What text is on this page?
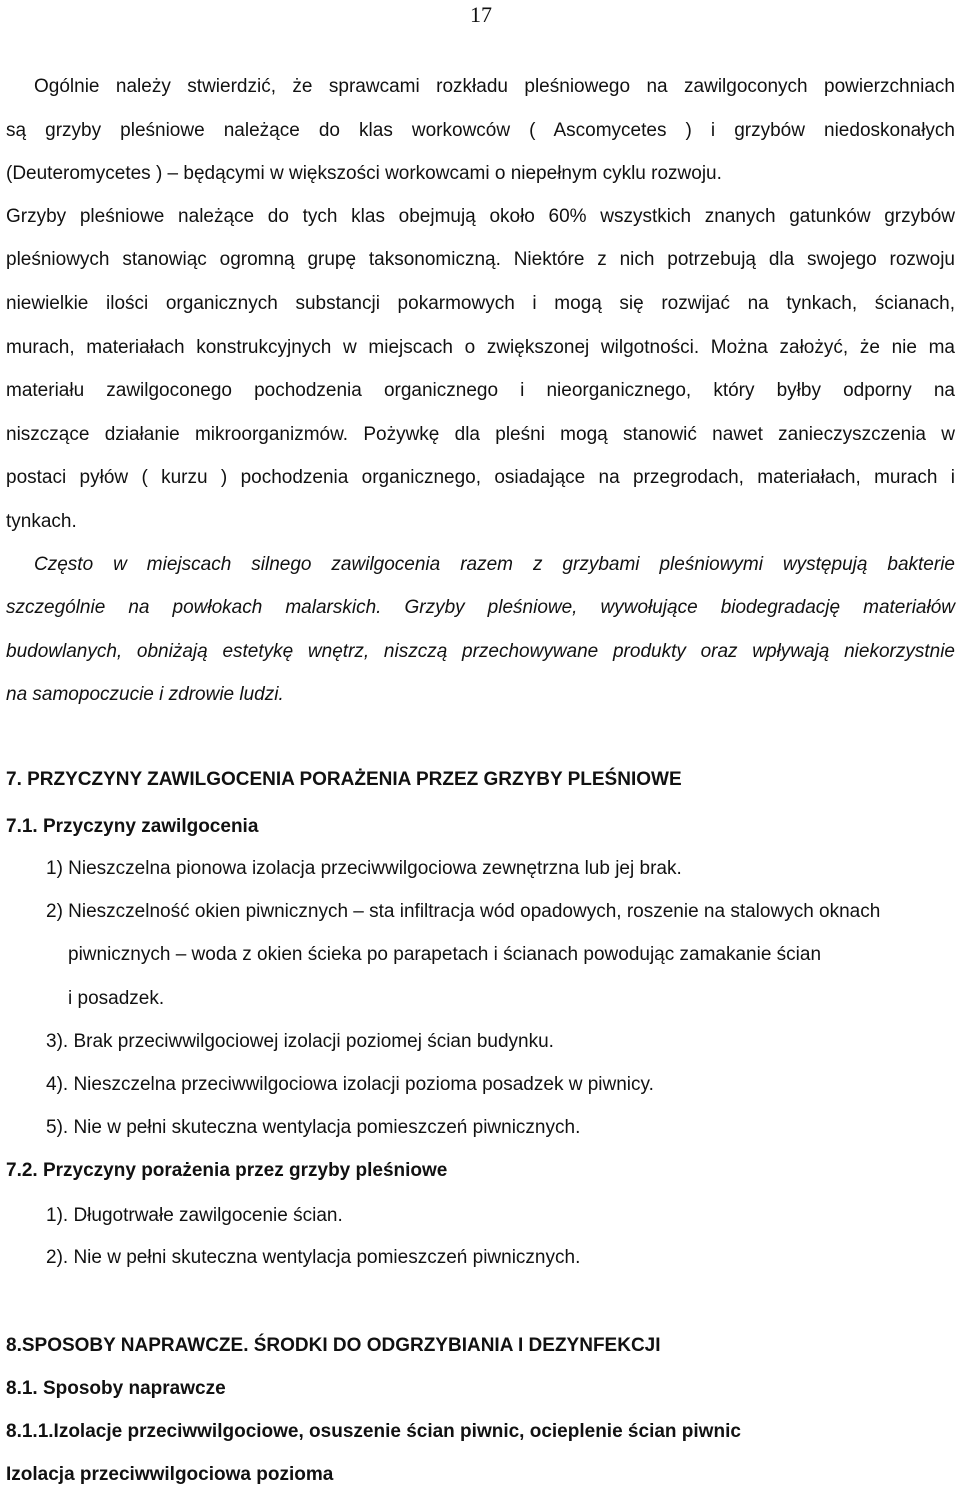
17
Ogólnie należy stwierdzić, że sprawcami rozkładu pleśniowego na zawilgoconych powierzchniach
są grzyby pleśniowe należące do klas workowców ( Ascomycetes ) i grzybów niedoskonałych
(Deuteromycetes ) – będącymi w większości workowcami o niepełnym cyklu rozwoju.
Grzyby pleśniowe należące do tych klas obejmują około 60% wszystkich znanych gatunków grzybów
pleśniowych stanowiąc ogromną grupę taksonomiczną. Niektóre z nich potrzebują dla swojego rozwoju
niewielkie ilości organicznych substancji pokarmowych i mogą się rozwijać na tynkach, ścianach,
murach, materiałach konstrukcyjnych w miejscach o zwiększonej wilgotności. Można założyć, że nie ma
materiału zawilgoconego pochodzenia organicznego i nieorganicznego, który byłby odporny na
niszczące działanie mikroorganizmów. Pożywkę dla pleśni mogą stanowić nawet zanieczyszczenia w
postaci pyłów ( kurzu ) pochodzenia organicznego, osiadające na przegrodach, materiałach, murach i
tynkach.
Często w miejscach silnego zawilgocenia razem z grzybami pleśniowymi występują bakterie
szczególnie na powłokach malarskich. Grzyby pleśniowe, wywołujące biodegradację materiałów
budowlanych, obniżają estetykę wnętrz, niszczą przechowywane produkty oraz wpływają niekorzystnie
na samopoczucie i zdrowie ludzi.
7. PRZYCZYNY ZAWILGOCENIA PORAŻENIA PRZEZ GRZYBY PLEŚNIOWE
7.1. Przyczyny zawilgocenia
1) Nieszczelna pionowa izolacja przeciwwilgociowa zewnętrzna lub jej brak.
2) Nieszczelność okien piwnicznych – sta infiltracja wód opadowych, roszenie na stalowych oknach
piwnicznych – woda z okien ścieka po parapetach i ścianach powodując zamakanie ścian
i posadzek.
3). Brak przeciwwilgociowej izolacji poziomej ścian budynku.
4). Nieszczelna przeciwwilgociowa izolacji pozioma posadzek w piwnicy.
5). Nie w pełni skuteczna wentylacja pomieszczeń piwnicznych.
7.2. Przyczyny porażenia przez grzyby pleśniowe
1). Długotrwałe zawilgocenie ścian.
2). Nie w pełni skuteczna wentylacja pomieszczeń piwnicznych.
8.SPOSOBY NAPRAWCZE. ŚRODKI DO ODGRZYBIANIA I DEZYNFEKCJI
8.1. Sposoby naprawcze
8.1.1.Izolacje przeciwwilgociowe, osuszenie ścian piwnic, ocieplenie ścian piwnic
Izolacja przeciwwilgociowa pozioma
